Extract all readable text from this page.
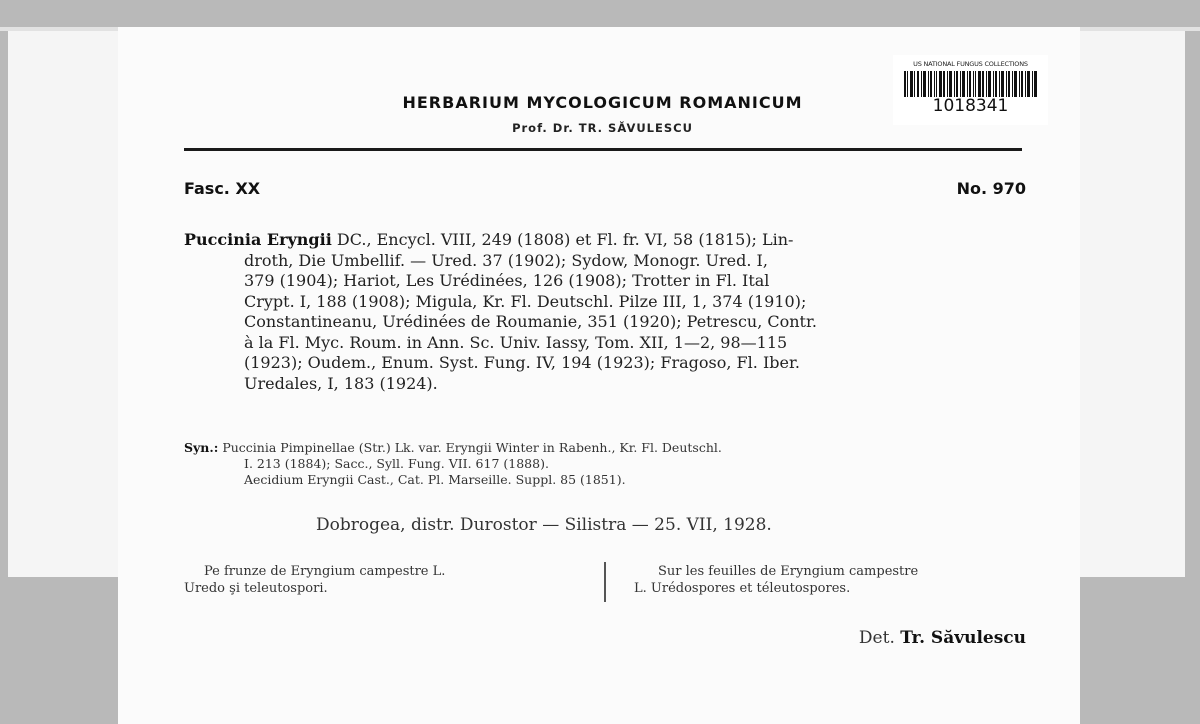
US NATIONAL FUNGUS COLLECTIONS
1018341
HERBARIUM MYCOLOGICUM ROMANICUM
Prof. Dr. TR. SĂVULESCU
Fasc. XX	No. 970
Puccinia Eryngii DC., Encycl. VIII, 249 (1808) et Fl. fr. VI, 58 (1815); Lin-
droth, Die Umbellif. — Ured. 37 (1902); Sydow, Monogr. Ured. I,
379 (1904); Hariot, Les Urédinées, 126 (1908); Trotter in Fl. Ital
Crypt. I, 188 (1908); Migula, Kr. Fl. Deutschl. Pilze III, 1, 374 (1910);
Constantineanu, Urédinées de Roumanie, 351 (1920); Petrescu, Contr.
à la Fl. Myc. Roum. in Ann. Sc. Univ. Iassy, Tom. XII, 1—2, 98—115
(1923); Oudem., Enum. Syst. Fung. IV, 194 (1923); Fragoso, Fl. Iber.
Uredales, I, 183 (1924).
Syn.: Puccinia Pimpinellae (Str.) Lk. var. Eryngii Winter in Rabenh., Kr. Fl. Deutschl.
I. 213 (1884); Sacc., Syll. Fung. VII. 617 (1888).
Aecidium Eryngii Cast., Cat. Pl. Marseille. Suppl. 85 (1851).
Dobrogea, distr. Durostor — Silistra — 25. VII, 1928.
Pe frunze de Eryngium campestre L.
Uredo şi teleutospori.
Sur les feuilles de Eryngium campestre
L. Urédospores et téleutospores.
Det. Tr. Săvulescu
